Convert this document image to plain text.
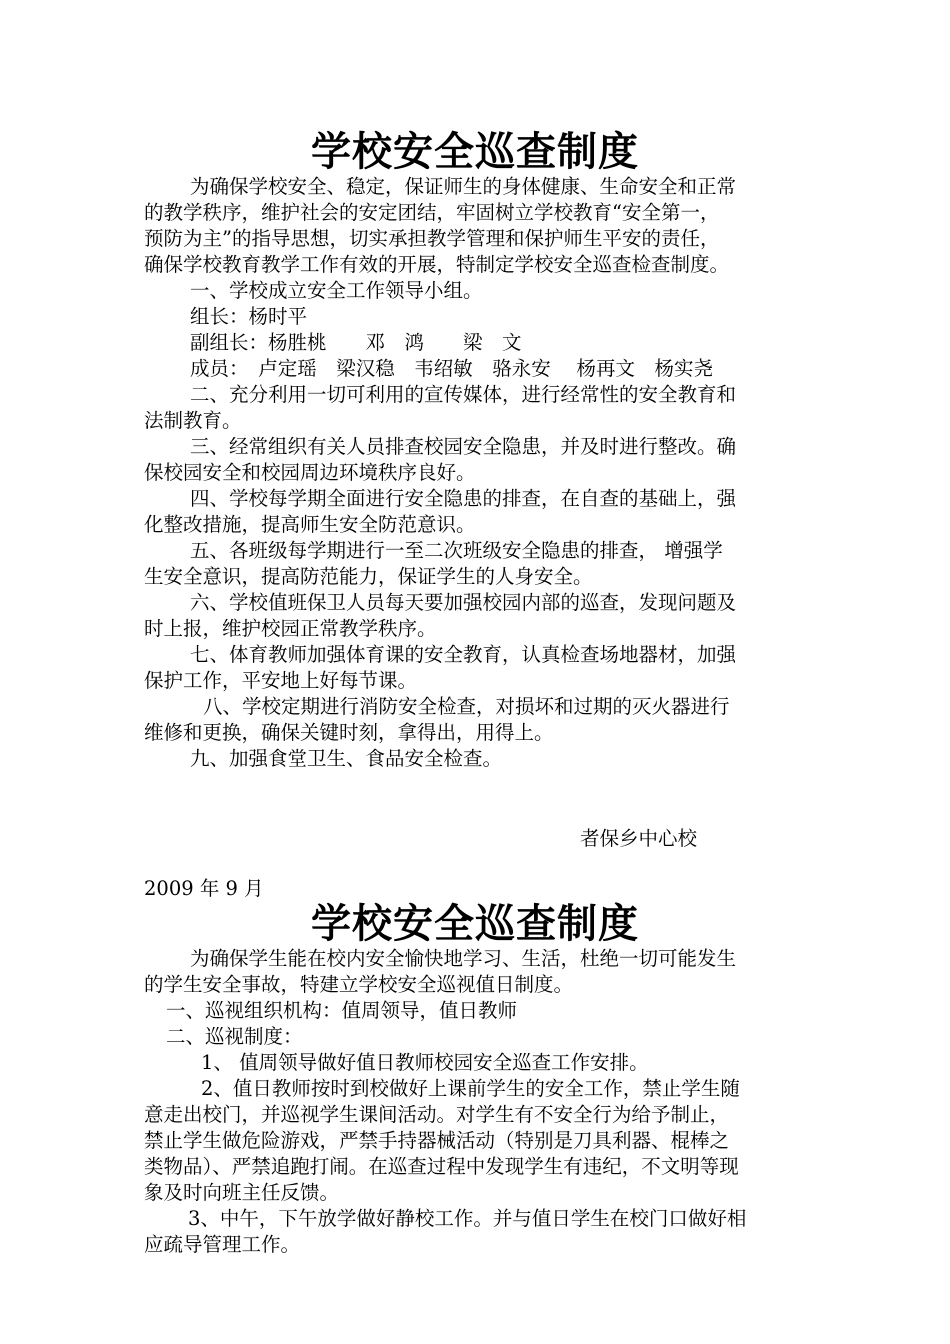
学校安全巡查制度
为确保学校安全、稳定，保证师生的身体健康、生命安全和正常
的教学秩序，维护社会的安定团结，牢固树立学校教育“安全第一，
预防为主”的指导思想，切实承担教学管理和保护师生平安的责任，
确保学校教育教学工作有效的开展，特制定学校安全巡查检查制度。
一、学校成立安全工作领导小组。
组长：杨时平
副组长：杨胜桃　　邓　鸿　　梁　文
成员：　卢定瑶　梁汉稳　韦绍敏　骆永安　 杨再文　杨实尧
二、充分利用一切可利用的宣传媒体，进行经常性的安全教育和
法制教育。
三、经常组织有关人员排查校园安全隐患，并及时进行整改。确
保校园安全和校园周边环境秩序良好。
四、学校每学期全面进行安全隐患的排查，在自查的基础上，强
化整改措施，提高师生安全防范意识。
五、各班级每学期进行一至二次班级安全隐患的排查， 增强学
生安全意识，提高防范能力，保证学生的人身安全。
六、学校值班保卫人员每天要加强校园内部的巡查，发现问题及
时上报，维护校园正常教学秩序。
七、体育教师加强体育课的安全教育，认真检查场地器材，加强
保护工作，平安地上好每节课。
八、学校定期进行消防安全检查，对损坏和过期的灭火器进行
维修和更换，确保关键时刻，拿得出，用得上。
九、加强食堂卫生、食品安全检查。
者保乡中心校
2009 年 9 月
学校安全巡查制度
为确保学生能在校内安全愉快地学习、生活，杜绝一切可能发生
的学生安全事故，特建立学校安全巡视值日制度。
一、巡视组织机构：值周领导，值日教师
二、巡视制度：
1、 值周领导做好值日教师校园安全巡查工作安排。
2、值日教师按时到校做好上课前学生的安全工作，禁止学生随
意走出校门，并巡视学生课间活动。对学生有不安全行为给予制止，
禁止学生做危险游戏，严禁手持器械活动（特别是刀具利器、棍棒之
类物品）、严禁追跑打闹。在巡查过程中发现学生有违纪，不文明等现
象及时向班主任反馈。
3、中午，下午放学做好静校工作。并与值日学生在校门口做好相
应疏导管理工作。
